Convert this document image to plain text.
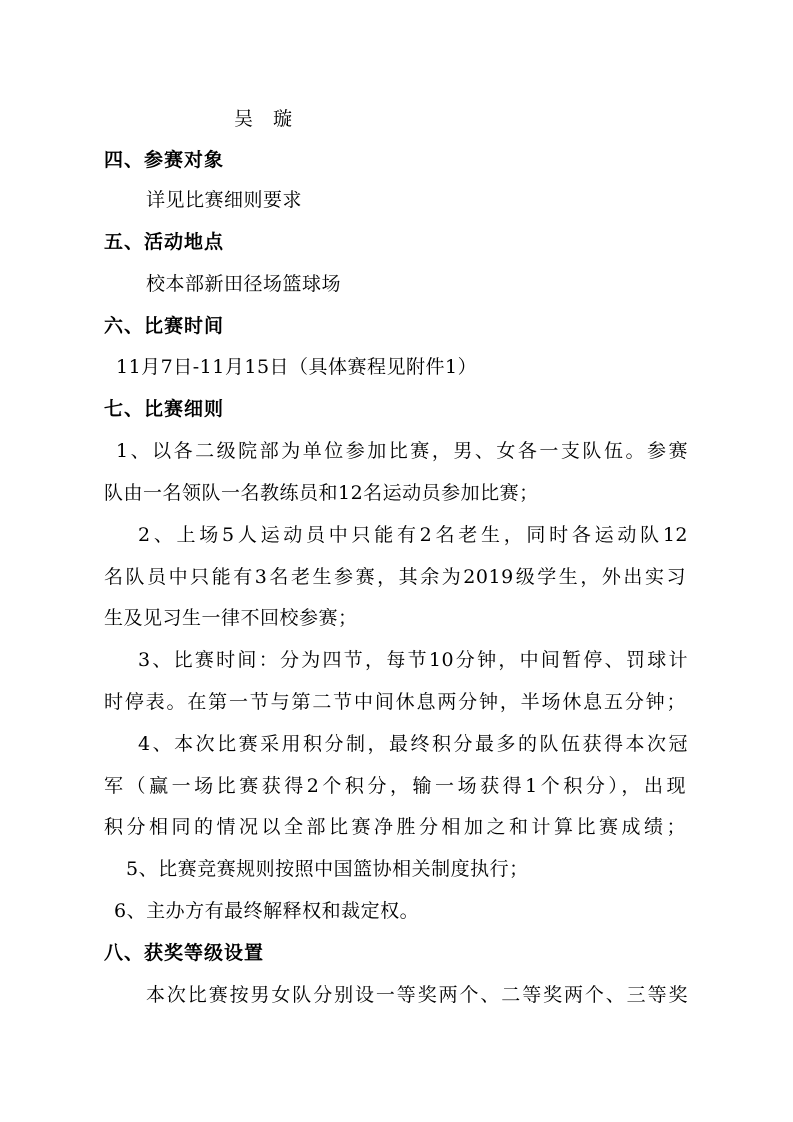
吴　璇
四、参赛对象
详见比赛细则要求
五、活动地点
校本部新田径场篮球场
六、比赛时间
11月7日-11月15日（具体赛程见附件1）
七、比赛细则
1、以各二级院部为单位参加比赛，男、女各一支队伍。参赛
队由一名领队一名教练员和12名运动员参加比赛；
2、上场5人运动员中只能有2名老生，同时各运动队12
名队员中只能有3名老生参赛，其余为2019级学生，外出实习
生及见习生一律不回校参赛；
3、比赛时间：分为四节，每节10分钟，中间暂停、罚球计
时停表。在第一节与第二节中间休息两分钟，半场休息五分钟；
4、本次比赛采用积分制，最终积分最多的队伍获得本次冠
军（赢一场比赛获得2个积分，输一场获得1个积分），出现
积分相同的情况以全部比赛净胜分相加之和计算比赛成绩；
5、比赛竞赛规则按照中国篮协相关制度执行；
6、主办方有最终解释权和裁定权。
八、获奖等级设置
本次比赛按男女队分别设一等奖两个、二等奖两个、三等奖
